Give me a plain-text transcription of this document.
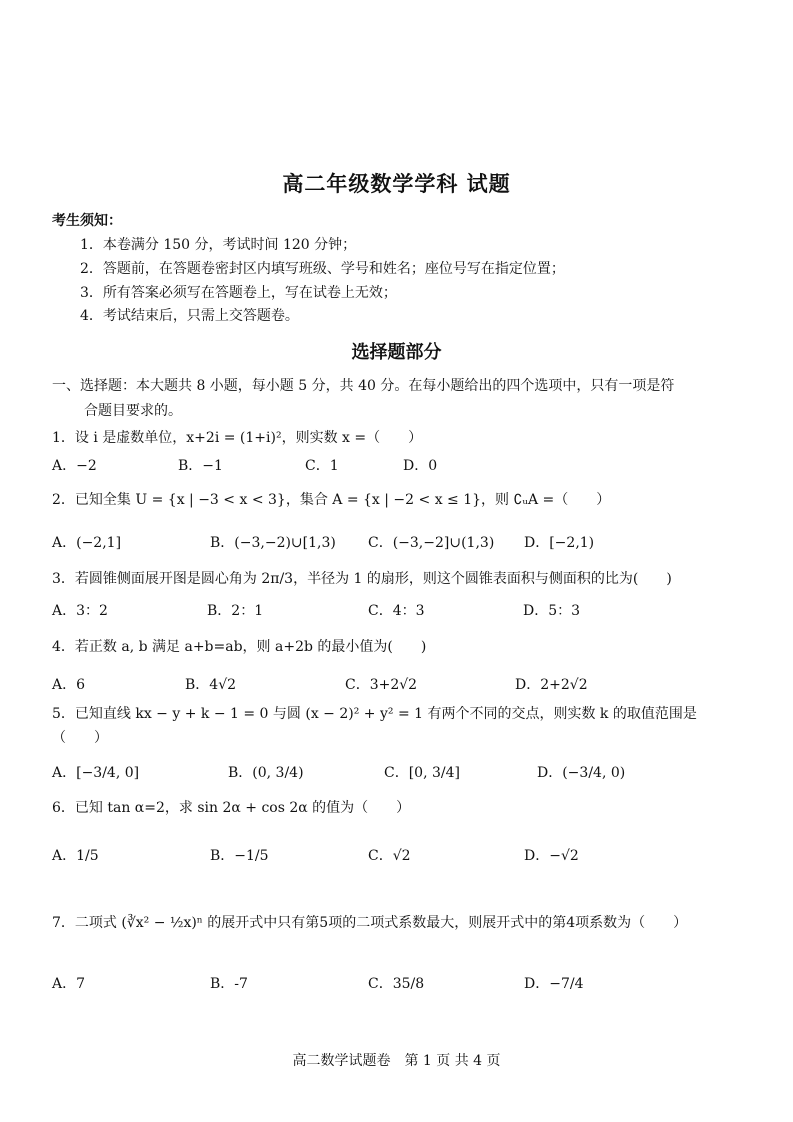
高二年级数学学科 试题
考生须知：
1．本卷满分 150 分，考试时间 120 分钟；
2．答题前，在答题卷密封区内填写班级、学号和姓名；座位号写在指定位置；
3．所有答案必须写在答题卷上，写在试卷上无效；
4．考试结束后，只需上交答题卷。
选择题部分
一、选择题：本大题共 8 小题，每小题 5 分，共 40 分。在每小题给出的四个选项中，只有一项是符
合题目要求的。
1．设 i 是虚数单位，x+2i = (1+i)²，则实数 x =（　　）
A．−2	B．−1	C．1	D．0
2．已知全集 U = {x | −3 < x < 3}，集合 A = {x | −2 < x ≤ 1}，则 ∁ᵤA =（　　）
A．(−2,1]	B．(−3,−2)∪[1,3) C．(−3,−2]∪(1,3) D．[−2,1)
3．若圆锥侧面展开图是圆心角为 2π/3，半径为 1 的扇形，则这个圆锥表面积与侧面积的比为(　　)
A．3：2	B．2：1	C．4：3	D．5：3
4．若正数 a, b 满足 a+b=ab，则 a+2b 的最小值为(　　)
A．6	B．4√2	C．3+2√2	D．2+2√2
5．已知直线 kx − y + k − 1 = 0 与圆 (x − 2)² + y² = 1 有两个不同的交点，则实数 k 的取值范围是
（　　）
A．[−3/4, 0]	B．(0, 3/4)	C．[0, 3/4]	D．(−3/4, 0)
6．已知 tan α=2，求 sin 2α + cos 2α 的值为（　　）
A．1/5	B．−1/5	C．√2	D．−√2
7．二项式 (∛x² − ½x)ⁿ 的展开式中只有第5项的二项式系数最大，则展开式中的第4项系数为（　　）
A．7	B．-7	C．35/8	D．−7/4
高二数学试题卷　第 1 页 共 4 页
